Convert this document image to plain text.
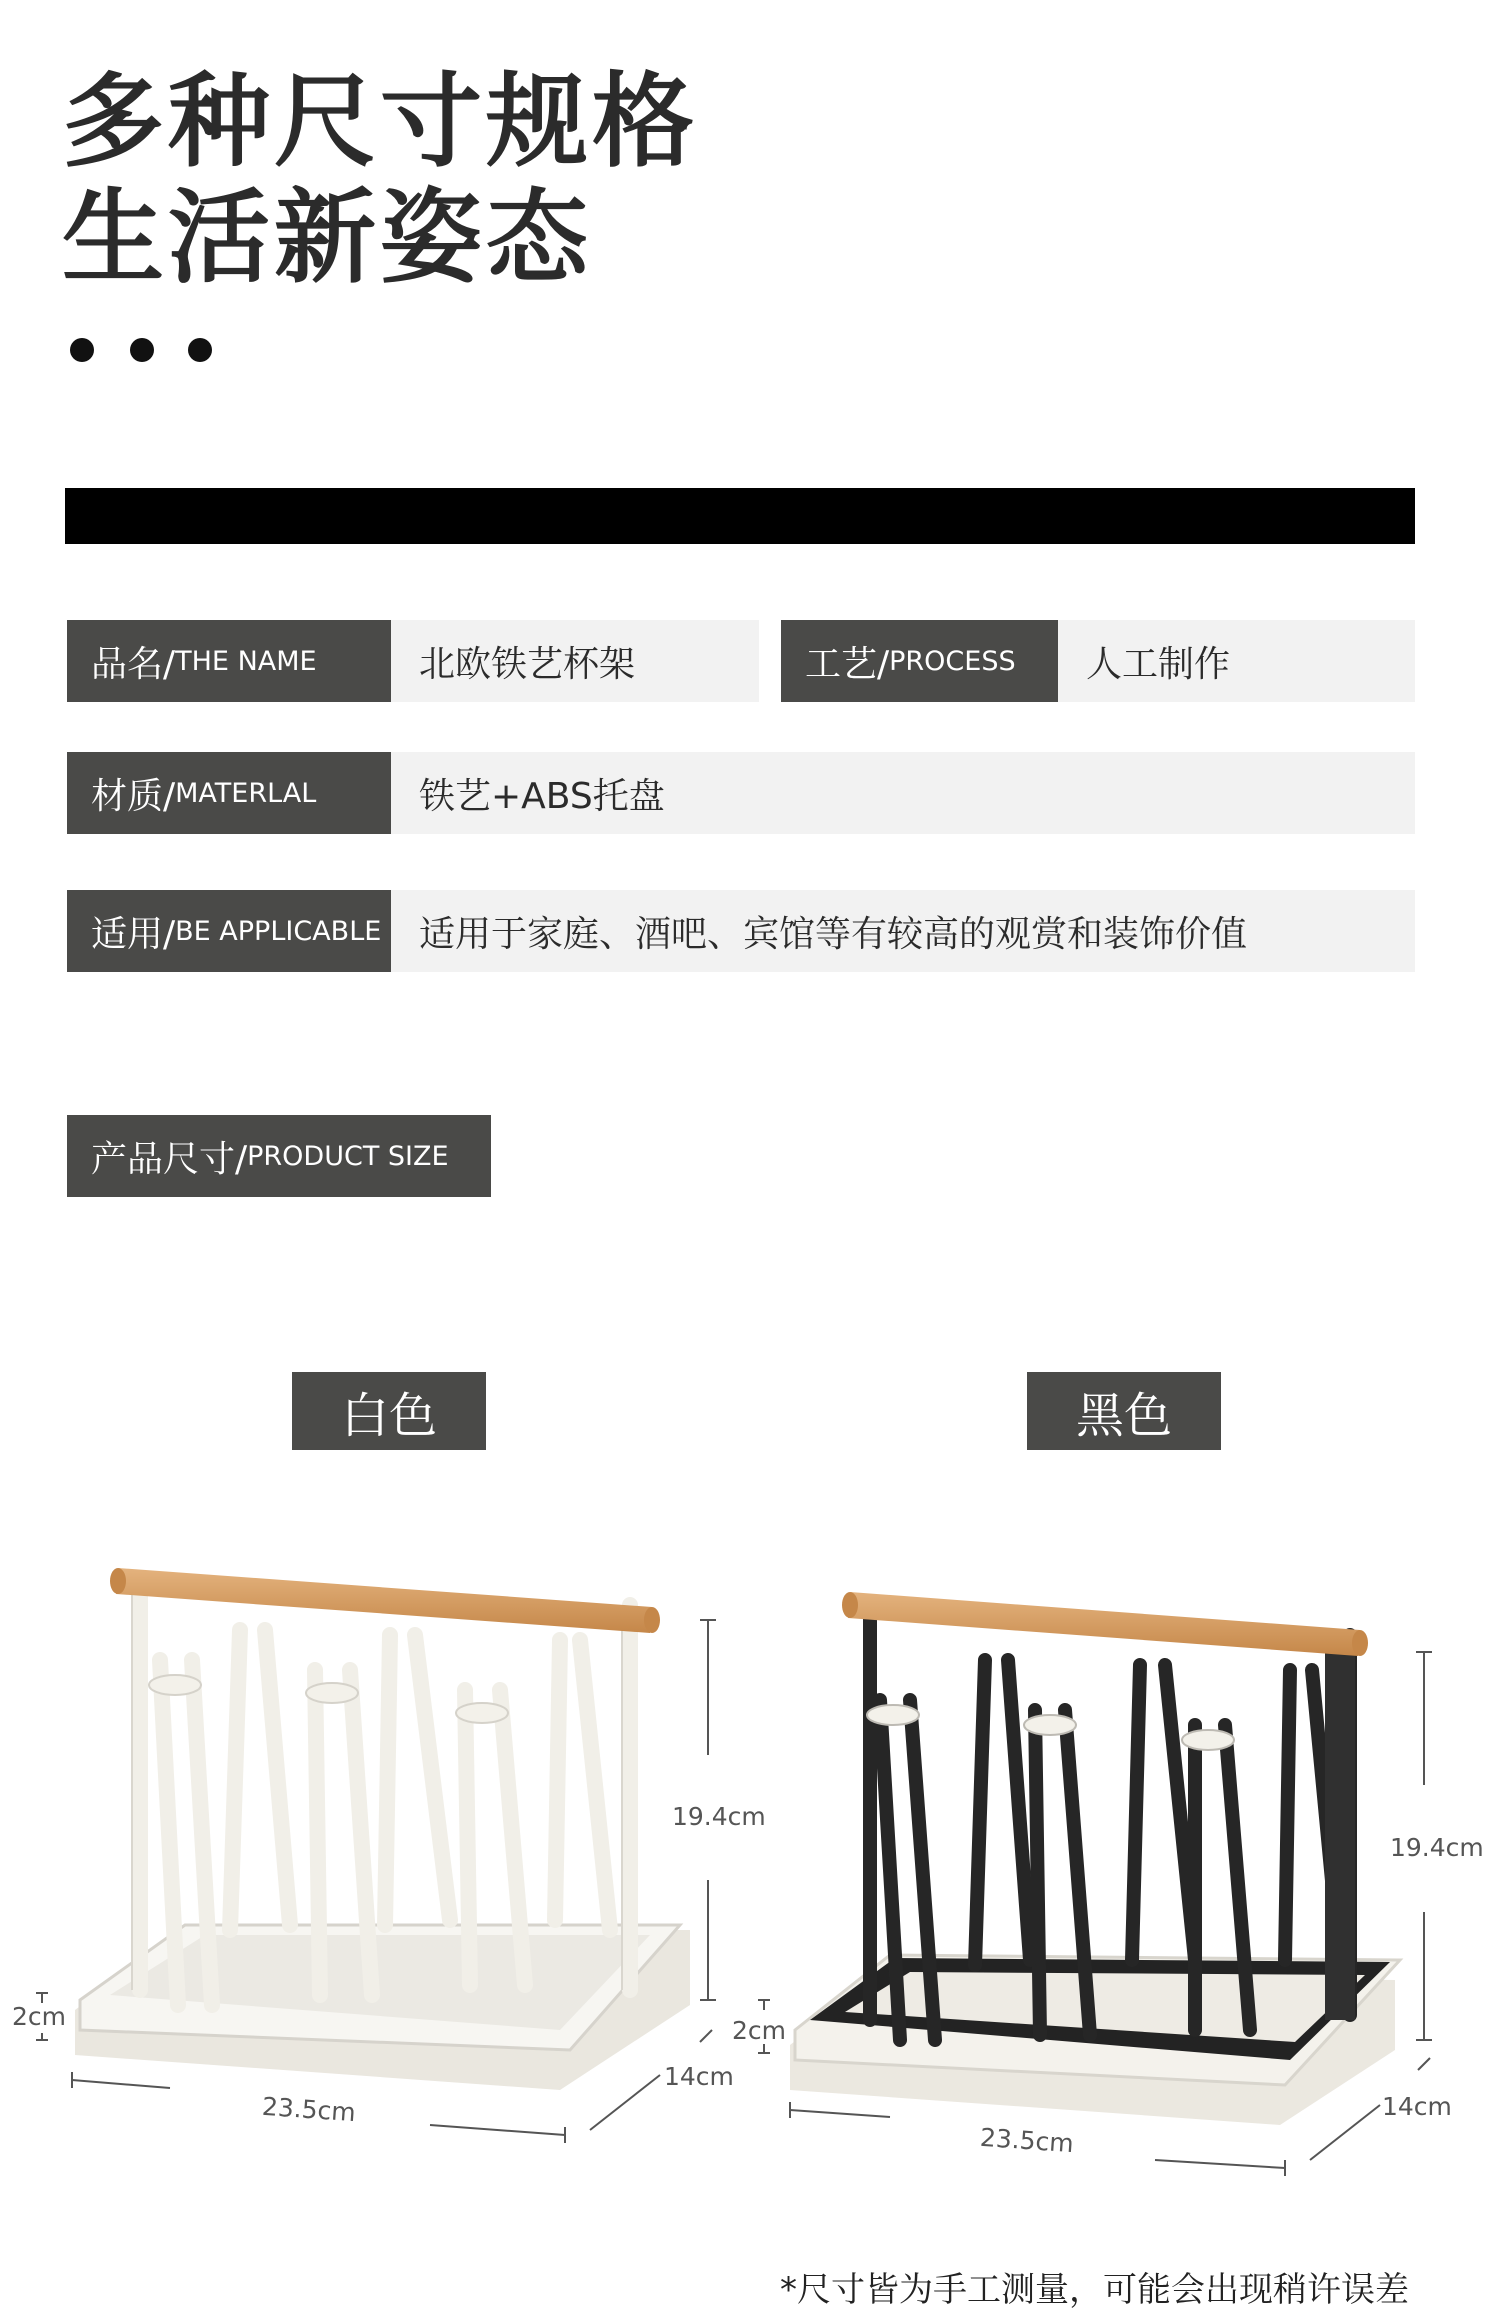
多种尺寸规格
生活新姿态
品名/ THE NAME	北欧铁艺杯架	工艺/ PROCESS	人工制作
材质/ MATERLAL	铁艺+ABS托盘
适用/ BE APPLICABLE	适用于家庭、酒吧、宾馆等有较高的观赏和装饰价值
产品尺寸/ PRODUCT SIZE
白色	黑色
19.4cm
2cm
23.5cm
14cm
19.4cm
2cm
23.5cm
14cm
*尺寸皆为手工测量，可能会出现稍许误差
